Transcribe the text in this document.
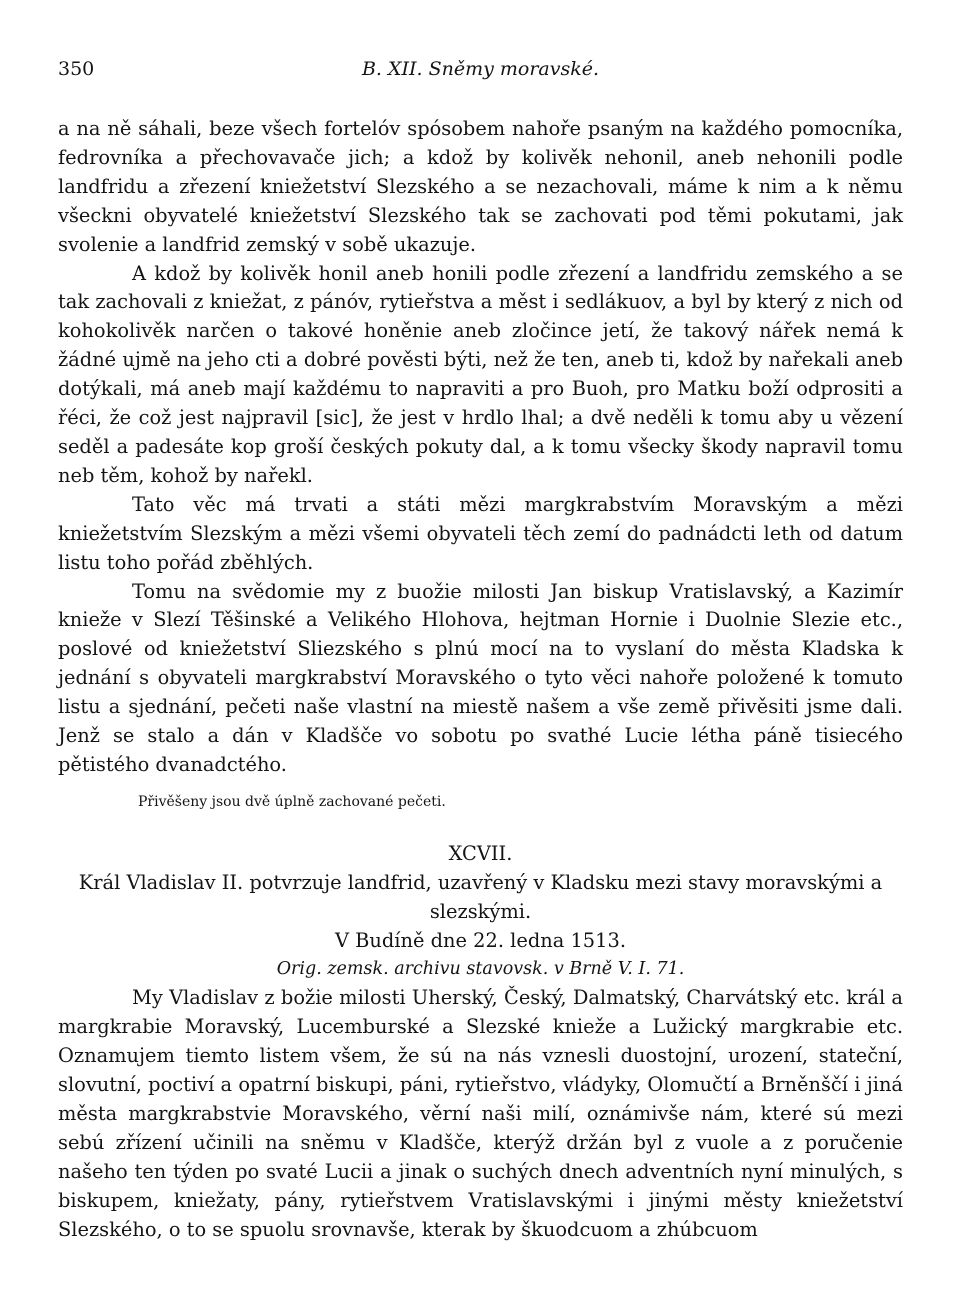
350	B. XII. Sněmy moravské.

a na ně sáhali, beze všech fortelóv spósobem nahoře psaným na každého pomocníka, fedrovníka a přechovavače jich; a kdož by kolivěk nehonil, aneb nehonili podle landfridu a zřezení kniežetství Slezského a se nezachovali, máme k nim a k němu všeckni obyvatelé kniežetství Slezského tak se zachovati pod těmi pokutami, jak svolenie a landfrid zemský v sobě ukazuje.

A kdož by kolivěk honil aneb honili podle zřezení a landfridu zemského a se tak zachovali z kniežat, z pánóv, rytieřstva a měst i sedlákuov, a byl by který z nich od kohokolivěk narčen o takové honěnie aneb zločince jetí, že takový nářek nemá k žádné ujmě na jeho cti a dobré pověsti býti, než že ten, aneb ti, kdož by nařekali aneb dotýkali, má aneb mají každému to napraviti a pro Buoh, pro Matku boží odprositi a řéci, že což jest najpravil [sic], že jest v hrdlo lhal; a dvě neděli k tomu aby u vězení seděl a padesáte kop groší českých pokuty dal, a k tomu všecky škody napravil tomu neb těm, kohož by nařekl.

Tato věc má trvati a státi mězi margkrabstvím Moravským a mězi kniežetstvím Slezským a mězi všemi obyvateli těch zemí do padnádcti leth od datum listu toho pořád zběhlých.

Tomu na svědomie my z buožie milosti Jan biskup Vratislavský, a Kazimír knieže v Slezí Těšinské a Velikého Hlohova, hejtman Hornie i Duolnie Slezie etc., poslové od kniežetství Sliezského s plnú mocí na to vyslaní do města Kladska k jednání s obyvateli margkrabství Moravského o tyto věci nahoře položené k tomuto listu a sjednání, pečeti naše vlastní na miestě našem a vše země přivěsiti jsme dali. Jenž se stalo a dán v Kladšče vo sobotu po svathé Lucie létha páně tisiecého pětistého dvanadctého.

Přivěšeny jsou dvě úplně zachované pečeti.

XCVII.

Král Vladislav II. potvrzuje landfrid, uzavřený v Kladsku mezi stavy moravskými a slezskými.

V Budíně dne 22. ledna 1513.

Orig. zemsk. archivu stavovsk. v Brně V. I. 71.

My Vladislav z božie milosti Uherský, Český, Dalmatský, Charvátský etc. král a margkrabie Moravský, Lucemburské a Slezské knieže a Lužický margkrabie etc. Oznamujem tiemto listem všem, že sú na nás vznesli duostojní, urození, stateční, slovutní, poctiví a opatrní biskupi, páni, rytieřstvo, vládyky, Olomučtí a Brněnščí i jiná města margkrabstvie Moravského, věrní naši milí, oznámivše nám, které sú mezi sebú zřízení učinili na sněmu v Kladšče, kterýž držán byl z vuole a z poručenie našeho ten týden po svaté Lucii a jinak o suchých dnech adventních nyní minulých, s biskupem, kniežaty, pány, rytieřstvem Vratislavskými i jinými městy kniežetství Slezského, o to se spuolu srovnavše, kterak by škuodcuom a zhúbcuom
